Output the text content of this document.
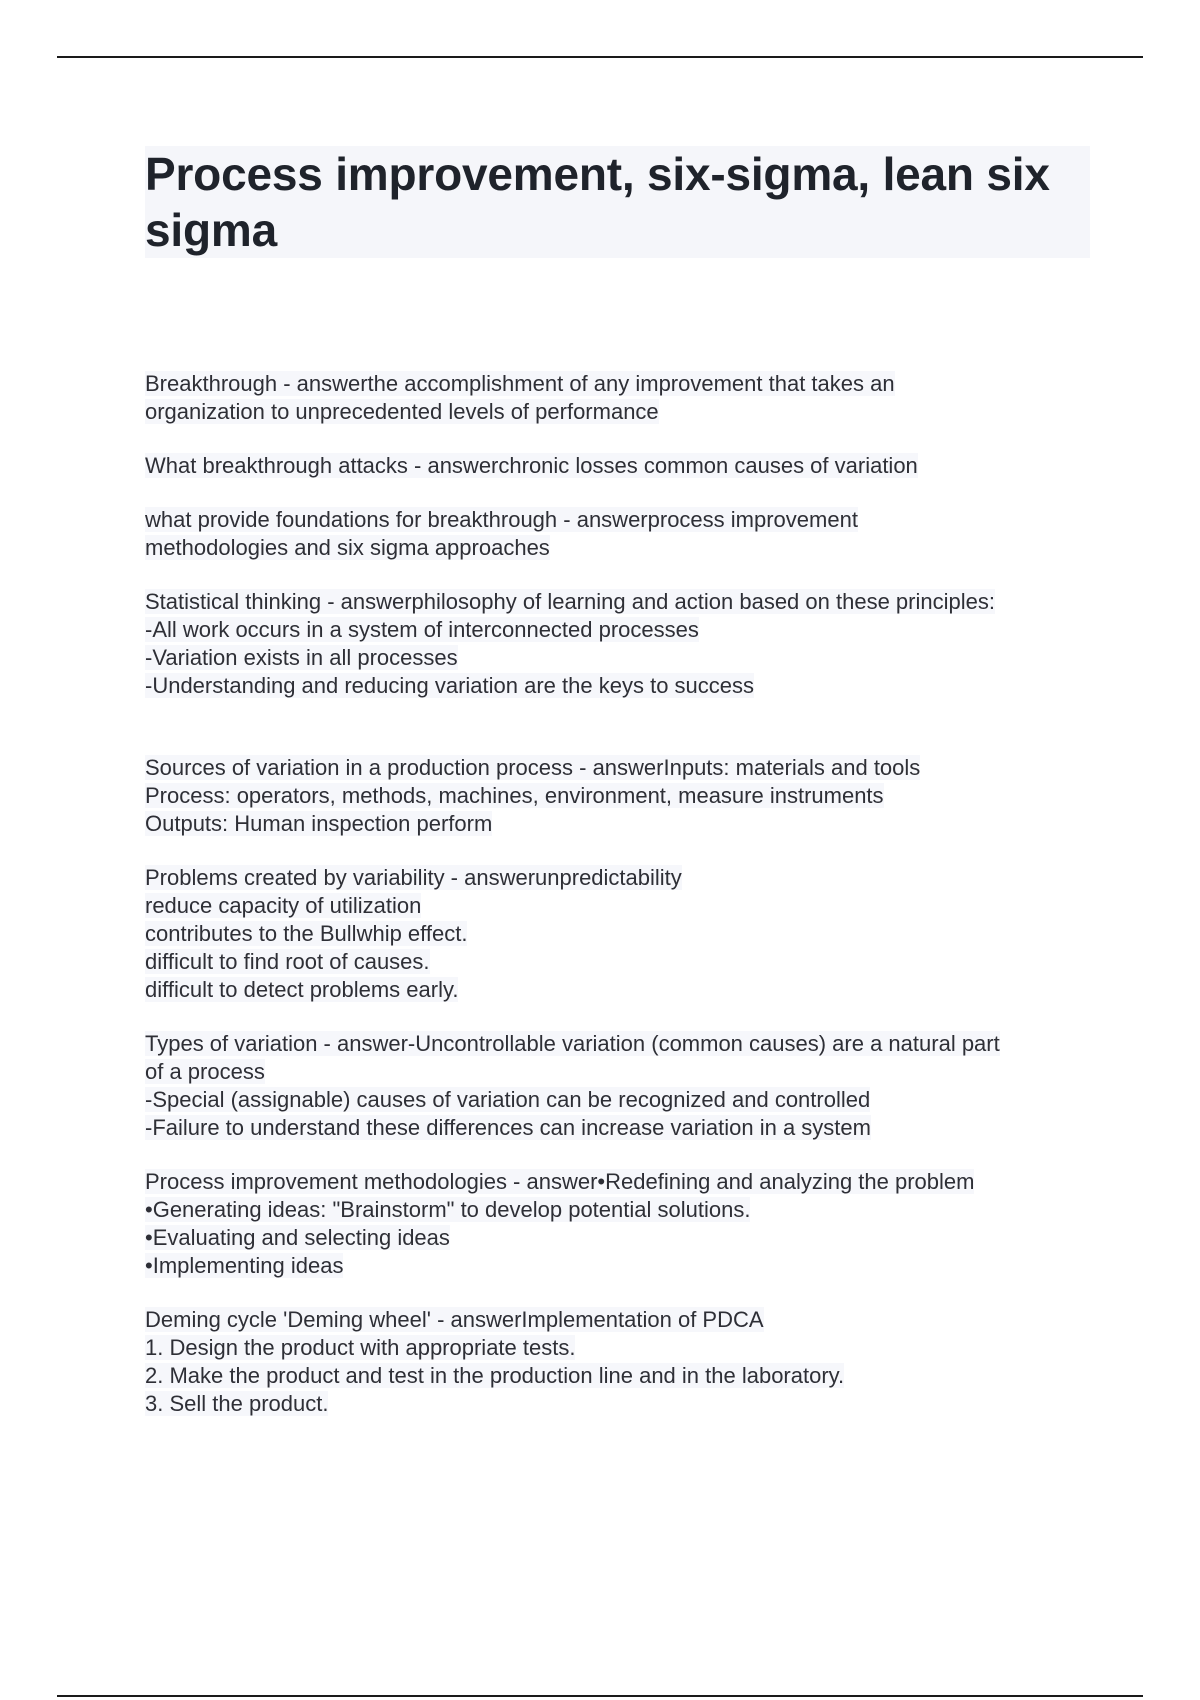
Process improvement, six-sigma, lean six sigma
Breakthrough - answerthe accomplishment of any improvement that takes an
organization to unprecedented levels of performance
What breakthrough attacks - answerchronic losses common causes of variation
what provide foundations for breakthrough - answerprocess improvement
methodologies and six sigma approaches
Statistical thinking - answerphilosophy of learning and action based on these principles:
-All work occurs in a system of interconnected processes
-Variation exists in all processes
-Understanding and reducing variation are the keys to success
Sources of variation in a production process - answerInputs: materials and tools
Process: operators, methods, machines, environment, measure instruments
Outputs: Human inspection perform
Problems created by variability - answerunpredictability
reduce capacity of utilization
contributes to the Bullwhip effect.
difficult to find root of causes.
difficult to detect problems early.
Types of variation - answer-Uncontrollable variation (common causes) are a natural part
of a process
-Special (assignable) causes of variation can be recognized and controlled
-Failure to understand these differences can increase variation in a system
Process improvement methodologies - answer•Redefining and analyzing the problem
•Generating ideas: "Brainstorm" to develop potential solutions.
•Evaluating and selecting ideas
•Implementing ideas
Deming cycle 'Deming wheel' - answerImplementation of PDCA
1. Design the product with appropriate tests.
2. Make the product and test in the production line and in the laboratory.
3. Sell the product.
